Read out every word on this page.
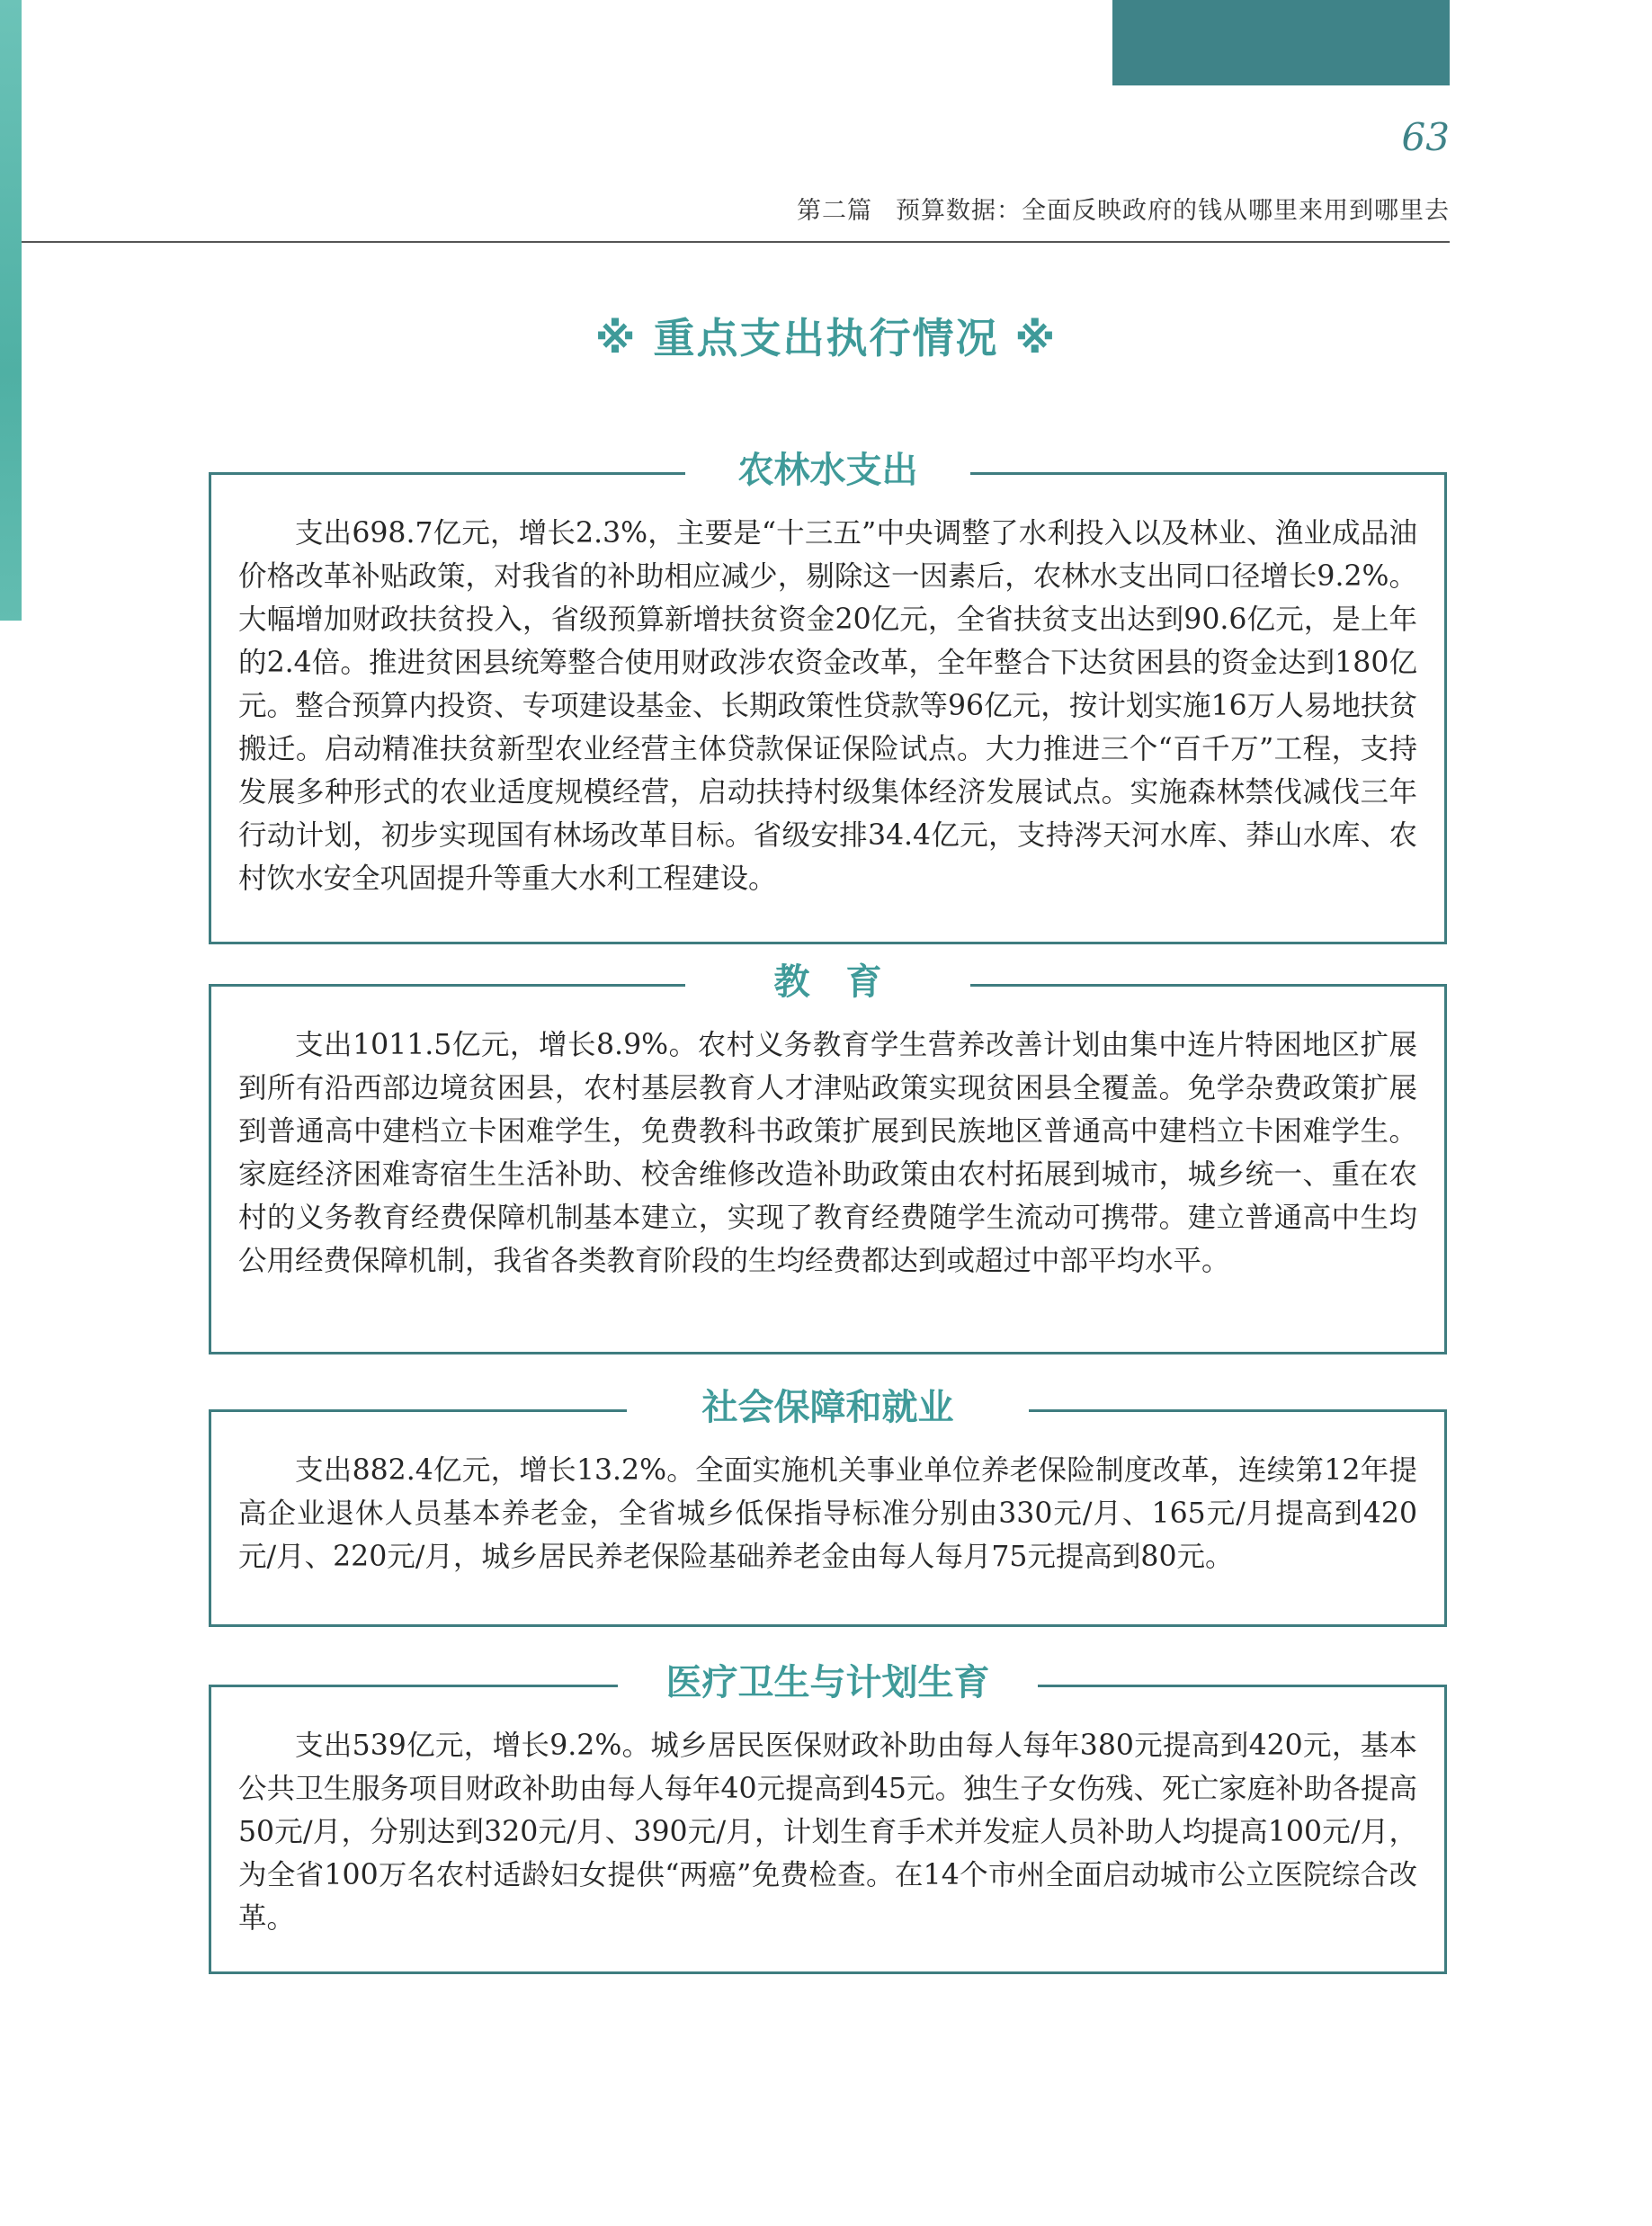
63
第二篇 预算数据：全面反映政府的钱从哪里来用到哪里去
※ 重点支出执行情况 ※
农林水支出
支出698.7亿元，增长2.3%，主要是“十三五”中央调整了水利投入以及林业、渔业成品油价格改革补贴政策，对我省的补助相应减少，剔除这一因素后，农林水支出同口径增长9.2%。大幅增加财政扶贫投入，省级预算新增扶贫资金20亿元，全省扶贫支出达到90.6亿元，是上年的2.4倍。推进贫困县统筹整合使用财政涉农资金改革，全年整合下达贫困县的资金达到180亿元。整合预算内投资、专项建设基金、长期政策性贷款等96亿元，按计划实施16万人易地扶贫搬迁。启动精准扶贫新型农业经营主体贷款保证保险试点。大力推进三个“百千万”工程，支持发展多种形式的农业适度规模经营，启动扶持村级集体经济发展试点。实施森林禁伐减伐三年行动计划，初步实现国有林场改革目标。省级安排34.4亿元，支持涔天河水库、莽山水库、农村饮水安全巩固提升等重大水利工程建设。
教　育
支出1011.5亿元，增长8.9%。农村义务教育学生营养改善计划由集中连片特困地区扩展到所有沿西部边境贫困县，农村基层教育人才津贴政策实现贫困县全覆盖。免学杂费政策扩展到普通高中建档立卡困难学生，免费教科书政策扩展到民族地区普通高中建档立卡困难学生。家庭经济困难寄宿生生活补助、校舍维修改造补助政策由农村拓展到城市，城乡统一、重在农村的义务教育经费保障机制基本建立，实现了教育经费随学生流动可携带。建立普通高中生均公用经费保障机制，我省各类教育阶段的生均经费都达到或超过中部平均水平。
社会保障和就业
支出882.4亿元，增长13.2%。全面实施机关事业单位养老保险制度改革，连续第12年提高企业退休人员基本养老金，全省城乡低保指导标准分别由330元/月、165元/月提高到420元/月、220元/月，城乡居民养老保险基础养老金由每人每月75元提高到80元。
医疗卫生与计划生育
支出539亿元，增长9.2%。城乡居民医保财政补助由每人每年380元提高到420元，基本公共卫生服务项目财政补助由每人每年40元提高到45元。独生子女伤残、死亡家庭补助各提高50元/月，分别达到320元/月、390元/月，计划生育手术并发症人员补助人均提高100元/月，为全省100万名农村适龄妇女提供“两癌”免费检查。在14个市州全面启动城市公立医院综合改革。
